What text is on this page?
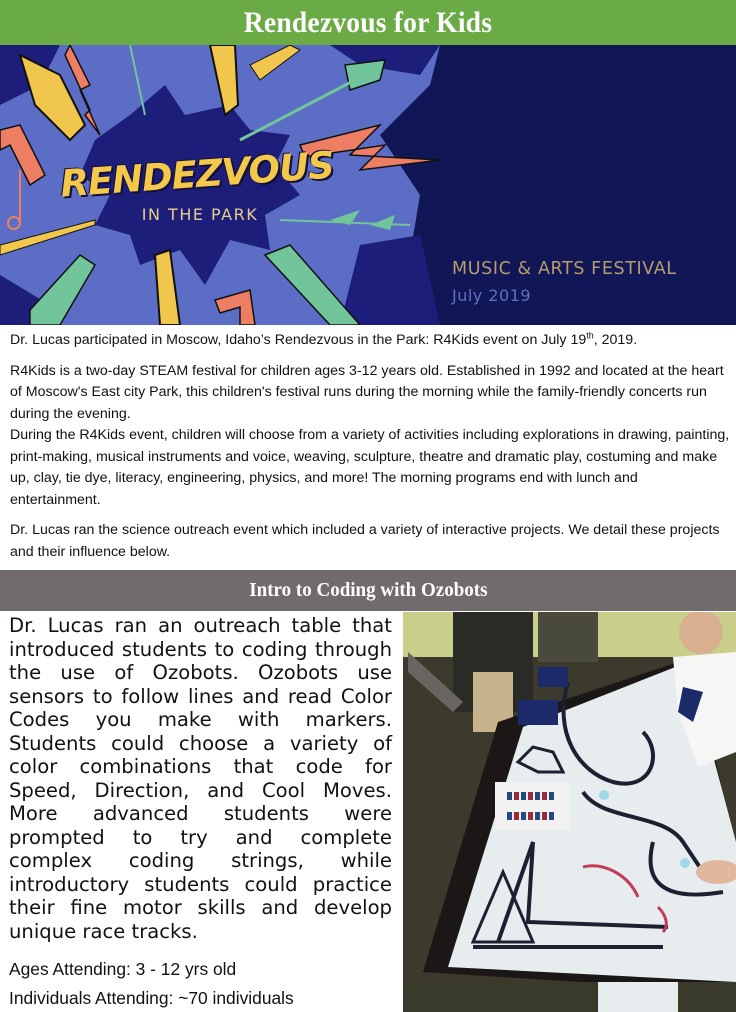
Rendezvous for Kids
RENDEZVOUS
IN THE PARK
MUSIC & ARTS FESTIVAL
July 2019

Dr. Lucas participated in Moscow, Idaho’s Rendezvous in the Park: R4Kids event on July 19th, 2019.

R4Kids is a two-day STEAM festival for children ages 3-12 years old. Established in 1992 and located at the heart of Moscow's East city Park, this children's festival runs during the morning while the family-friendly concerts run during the evening.

During the R4Kids event, children will choose from a variety of activities including explorations in drawing, painting, print-making, musical instruments and voice, weaving, sculpture, theatre and dramatic play, costuming and make up, clay, tie dye, literacy, engineering, physics, and more! The morning programs end with lunch and entertainment.

Dr. Lucas ran the science outreach event which included a variety of interactive projects. We detail these projects and their influence below.

Intro to Coding with Ozobots

Dr. Lucas ran an outreach table that introduced students to coding through the use of Ozobots. Ozobots use sensors to follow lines and read Color Codes you make with markers. Students could choose a variety of color combinations that code for Speed, Direction, and Cool Moves. More advanced students were prompted to try and complete complex coding strings, while introductory students could practice their fine motor skills and develop unique race tracks.

Ages Attending: 3 - 12 yrs old
Individuals Attending: ~70 individuals
